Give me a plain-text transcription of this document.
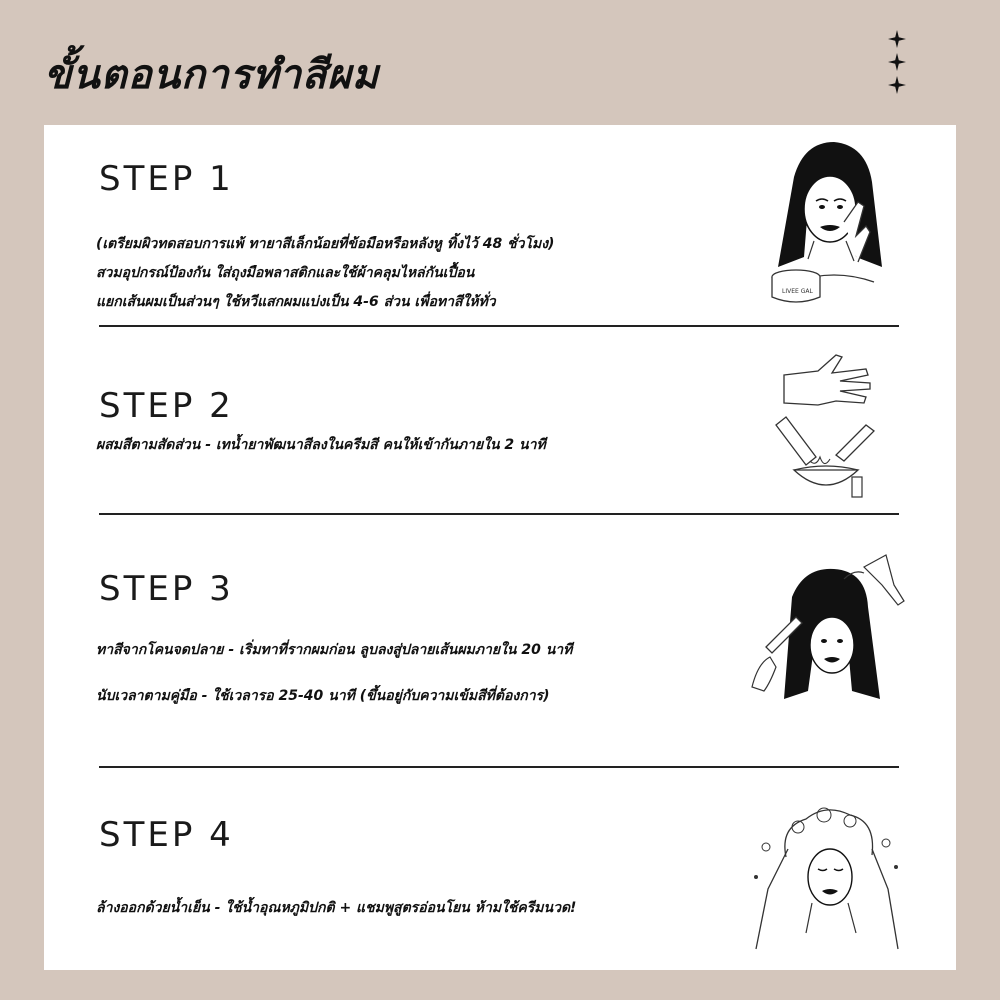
ขั้นตอนการทำสีผม
STEP 1
(เตรียมผิวทดสอบการแพ้ ทายาสีเล็กน้อยที่ข้อมือหรือหลังหู ทิ้งไว้ 48 ชั่วโมง)
สวมอุปกรณ์ป้องกัน ใส่ถุงมือพลาสติกและใช้ผ้าคลุมไหล่กันเปื้อน
แยกเส้นผมเป็นส่วนๆ ใช้หวีแสกผมแบ่งเป็น 4-6 ส่วน เพื่อทาสีให้ทั่ว
LIVEE GAL
STEP 2
ผสมสีตามสัดส่วน - เทน้ำยาพัฒนาสีลงในครีมสี คนให้เข้ากันภายใน 2 นาที
STEP 3
ทาสีจากโคนจดปลาย - เริ่มทาที่รากผมก่อน ลูบลงสู่ปลายเส้นผมภายใน 20 นาที
นับเวลาตามคู่มือ - ใช้เวลารอ 25-40 นาที (ขึ้นอยู่กับความเข้มสีที่ต้องการ)
STEP 4
ล้างออกด้วยน้ำเย็น - ใช้น้ำอุณหภูมิปกติ + แชมพูสูตรอ่อนโยน ห้ามใช้ครีมนวด!
